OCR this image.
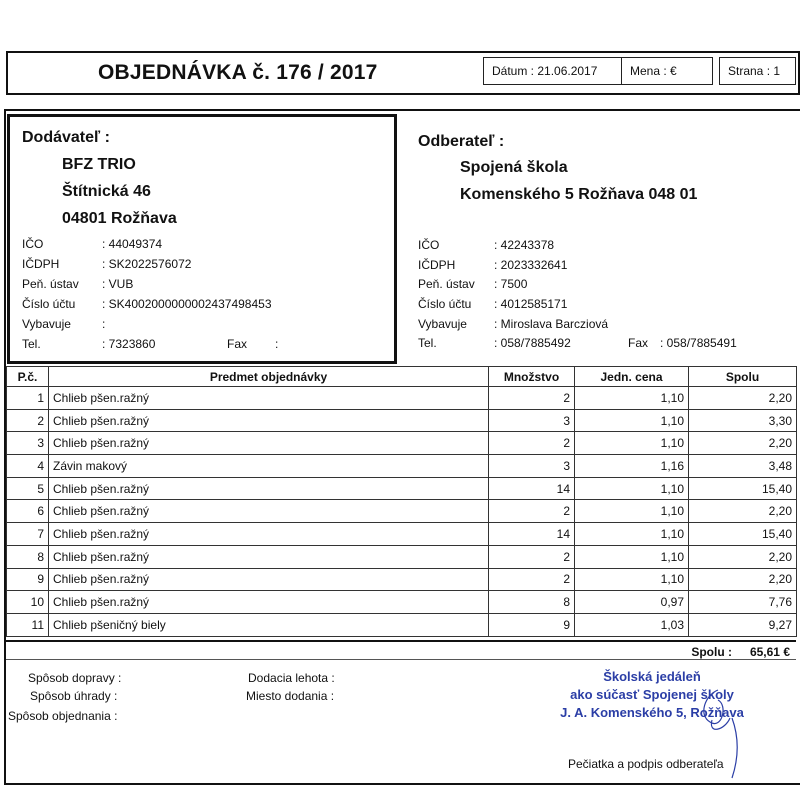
OBJEDNÁVKA č. 176 / 2017	Dátum : 21.06.2017	Mena : €	Strana : 1
Dodávateľ :
BFZ TRIO
Štítnická 46
04801 Rožňava
IČO	: 44049374
IČDPH	: SK2022576072
Peň. ústav : VUB
Číslo účtu : SK4002000000002437498453
Vybavuje	:
Tel.	: 7323860	Fax :
Odberateľ :
Spojená škola
Komenského 5 Rožňava 048 01
IČO	: 42243378
IČDPH	: 2023332641
Peň. ústav : 7500
Číslo účtu : 4012585171
Vybavuje : Miroslava Barcziová
Tel.	: 058/7885492	Fax : 058/7885491
P.č.	Predmet objednávky	Množstvo	Jedn. cena	Spolu
1	Chlieb pšen.ražný	2	1,10	2,20
2	Chlieb pšen.ražný	3	1,10	3,30
3	Chlieb pšen.ražný	2	1,10	2,20
4	Závin makový	3	1,16	3,48
5	Chlieb pšen.ražný	14	1,10	15,40
6	Chlieb pšen.ražný	2	1,10	2,20
7	Chlieb pšen.ražný	14	1,10	15,40
8	Chlieb pšen.ražný	2	1,10	2,20
9	Chlieb pšen.ražný	2	1,10	2,20
10	Chlieb pšen.ražný	8	0,97	7,76
11	Chlieb pšeničný biely	9	1,03	9,27
Spolu : 65,61 €
Spôsob dopravy :
Spôsob úhrady :
Spôsob objednania :
Dodacia lehota :
Miesto dodania :
Školská jedáleň
ako súčasť Spojenej školy
J. A. Komenského 5, Rožňava
Pečiatka a podpis odberateľa
